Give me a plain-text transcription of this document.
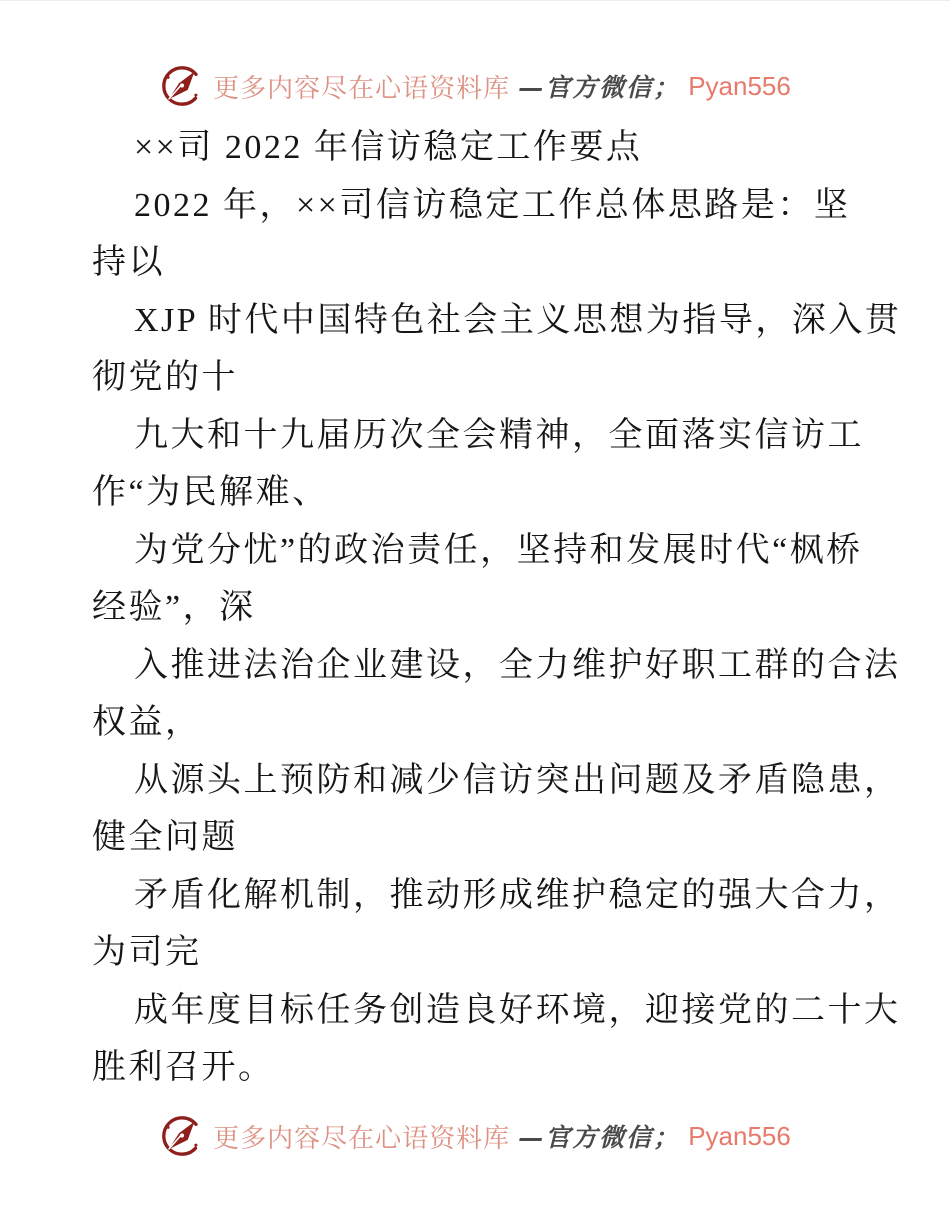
更多内容尽在心语资料库 —官方微信； Pyan556
××司 2022 年信访稳定工作要点
2022 年，××司信访稳定工作总体思路是：坚
持以
XJP 时代中国特色社会主义思想为指导，深入贯
彻党的十
九大和十九届历次全会精神，全面落实信访工
作“为民解难、
为党分忧”的政治责任，坚持和发展时代“枫桥
经验”，深
入推进法治企业建设，全力维护好职工群的合法
权益，
从源头上预防和减少信访突出问题及矛盾隐患，
健全问题
矛盾化解机制，推动形成维护稳定的强大合力，
为司完
成年度目标任务创造良好环境，迎接党的二十大
胜利召开。
更多内容尽在心语资料库 —官方微信； Pyan556
